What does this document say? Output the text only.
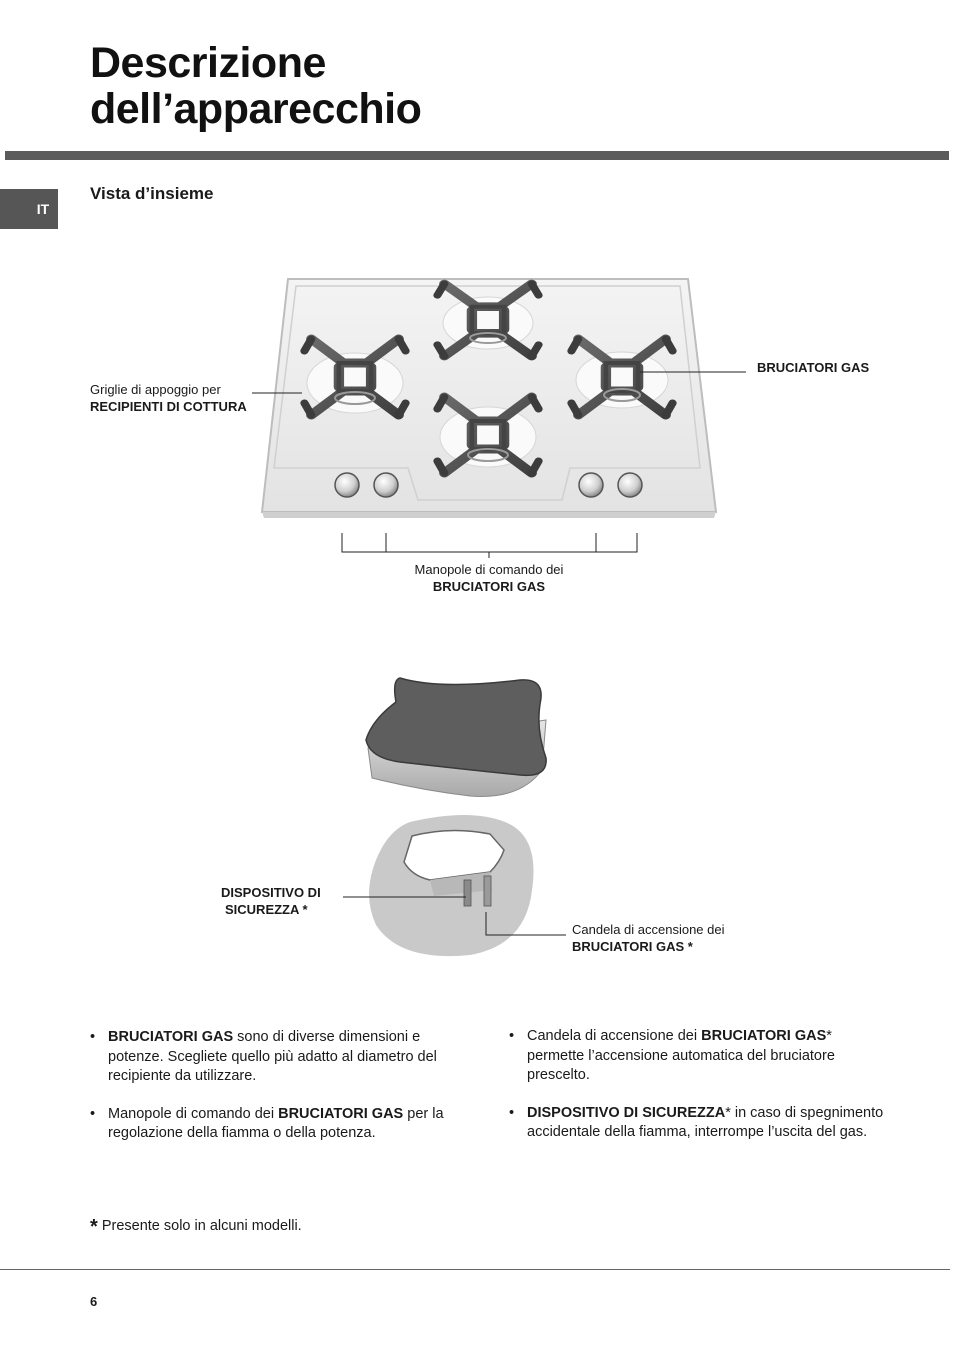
Descrizione
dell’apparecchio
IT
Vista d’insieme
Griglie di appoggio per
RECIPIENTI DI COTTURA
BRUCIATORI GAS
Manopole di comando dei
BRUCIATORI GAS
DISPOSITIVO DI
SICUREZZA *
Candela di accensione dei
BRUCIATORI GAS *
• BRUCIATORI GAS sono di diverse dimensioni e potenze. Scegliete quello più adatto al diametro del recipiente da utilizzare.
• Manopole di comando dei BRUCIATORI GAS per la regolazione della fiamma o della potenza.
• Candela di accensione dei BRUCIATORI GAS* permette l’accensione automatica del bruciatore prescelto.
• DISPOSITIVO DI SICUREZZA* in caso di spegnimento accidentale della fiamma, interrompe l’uscita del gas.
* Presente solo in alcuni modelli.
6
